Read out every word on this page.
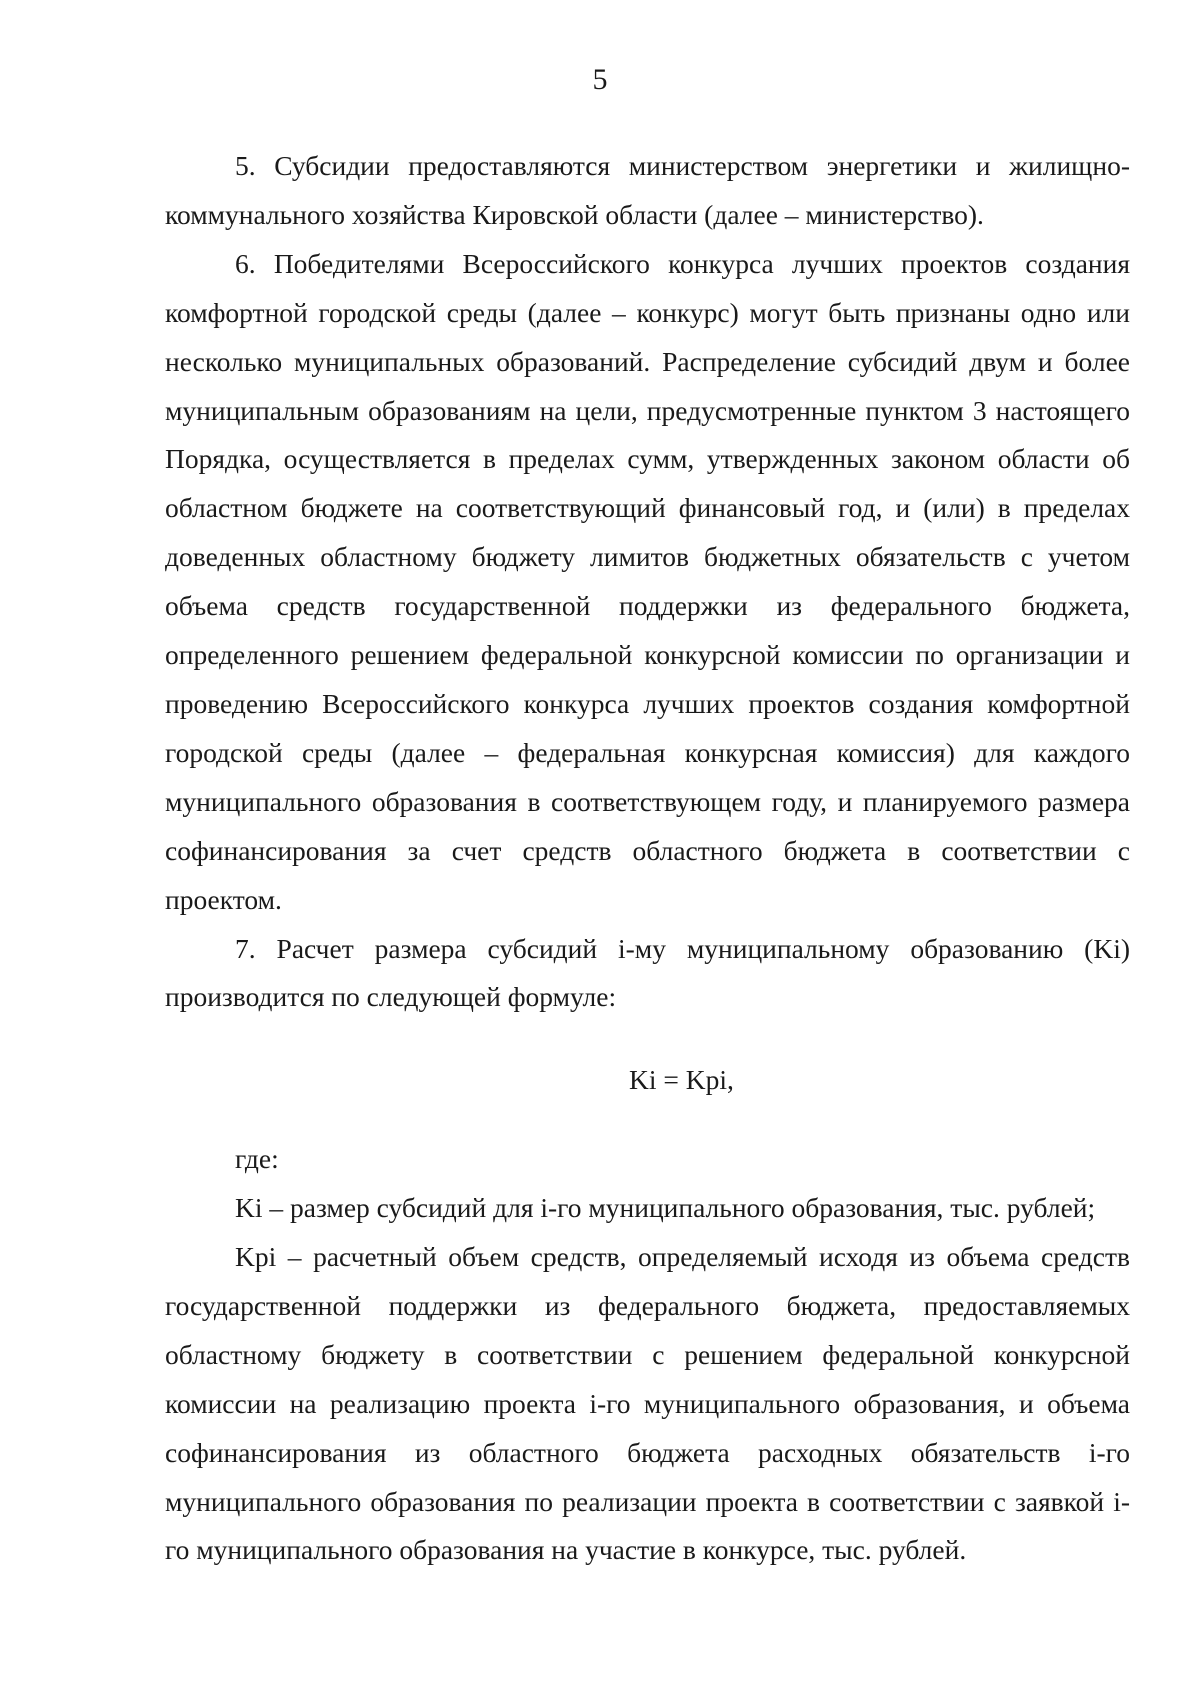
5

5. Субсидии предоставляются министерством энергетики и жилищно-коммунального хозяйства Кировской области (далее – министерство).

6. Победителями Всероссийского конкурса лучших проектов создания комфортной городской среды (далее – конкурс) могут быть признаны одно или несколько муниципальных образований. Распределение субсидий двум и более муниципальным образованиям на цели, предусмотренные пунктом 3 настоящего Порядка, осуществляется в пределах сумм, утвержденных законом области об областном бюджете на соответствующий финансовый год, и (или) в пределах доведенных областному бюджету лимитов бюджетных обязательств с учетом объема средств государственной поддержки из федерального бюджета, определенного решением федеральной конкурсной комиссии по организации и проведению Всероссийского конкурса лучших проектов создания комфортной городской среды (далее – федеральная конкурсная комиссия) для каждого муниципального образования в соответствующем году, и планируемого размера софинансирования за счет средств областного бюджета в соответствии с проектом.

7. Расчет размера субсидий i-му муниципальному образованию (Ki) производится по следующей формуле:

Ki = Kpi,

где:

Ki – размер субсидий для i-го муниципального образования, тыс. рублей;

Kpi – расчетный объем средств, определяемый исходя из объема средств государственной поддержки из федерального бюджета, предоставляемых областному бюджету в соответствии с решением федеральной конкурсной комиссии на реализацию проекта i-го муниципального образования, и объема софинансирования из областного бюджета расходных обязательств i-го муниципального образования по реализации проекта в соответствии с заявкой i-го муниципального образования на участие в конкурсе, тыс. рублей.
